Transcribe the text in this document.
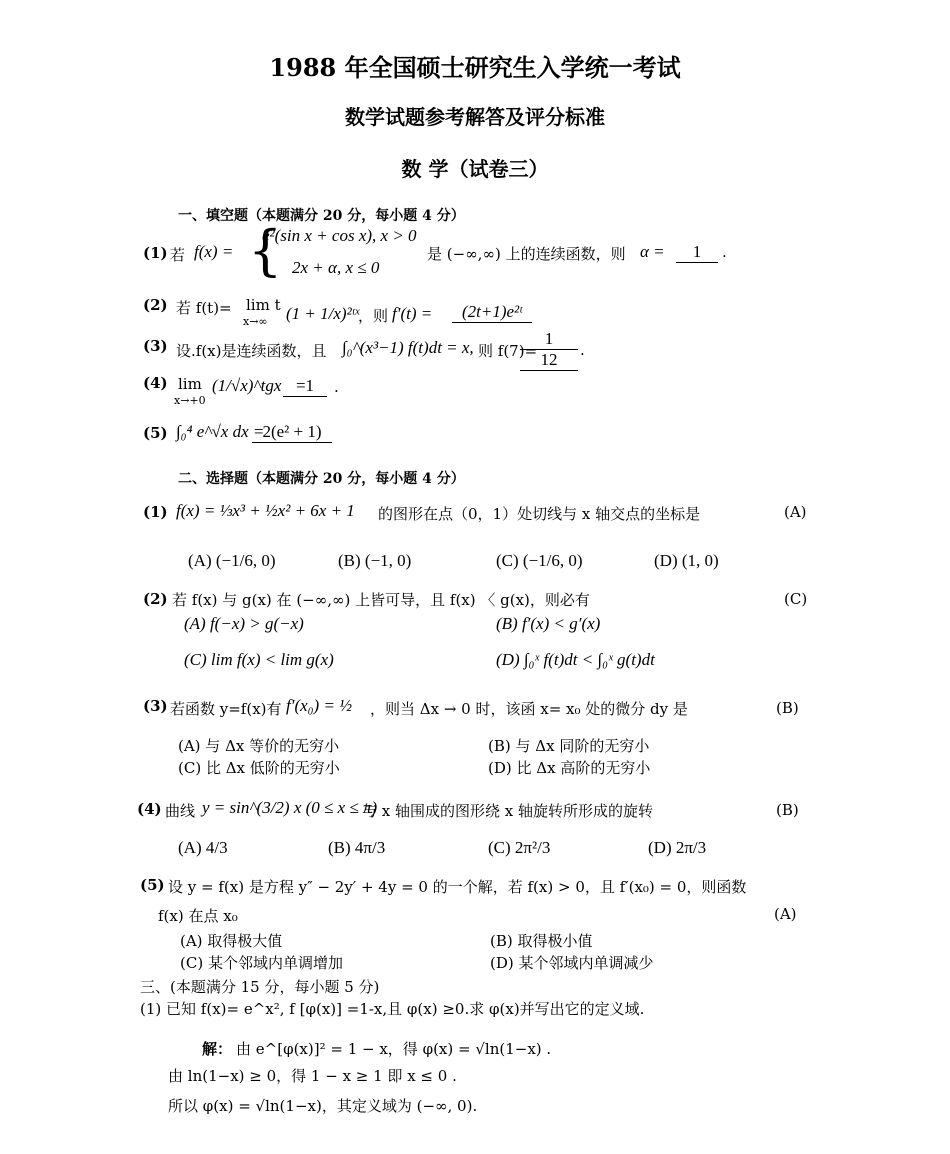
1988 年全国硕士研究生入学统一考试
数学试题参考解答及评分标准
数 学（试卷三）
一、填空题（本题满分 20 分，每小题 4 分）
(1) 若 f(x) = {
e²(sin x + cos x), x > 0
2x + α, x ≤ 0
是 (−∞,∞) 上的连续函数，则 α =	1	.
(2) 若 f(t)= lim t
x→∞ (1 + 1/x)²ᵗˣ
，则 f′(t) =	(2t+1)e²ᵗ
(3) 设.f(x)是连续函数，且 ∫₀^(x³−1) f(t)dt = x, 则 f(7)=
$\frac{1}{12}$ .
(4) lim
x→+0
(1/√x)^tgx =1	.
(5) ∫₀⁴ e^√x dx =
2(e² + 1)
二、选择题（本题满分 20 分，每小题 4 分）
(1) f(x) = ⅓x³ + ½x² + 6x + 1 的图形在点（0，1）处切线与 x 轴交点的坐标是	(A)
(A) (−1/6, 0)	(B) (−1, 0)	(C) (−1/6, 0)	(D) (1, 0)
(2) 若 f(x) 与 g(x) 在 (−∞,∞) 上皆可导，且 f(x) 〈 g(x)，则必有	(C)
(A) f(−x) > g(−x)	(B) f′(x) < g′(x)
(C) lim f(x) < lim g(x)	(D) ∫₀ˣ f(t)dt < ∫₀ˣ g(t)dt
(3) 若函数 y=f(x)有 f′(x₀) = ½ ，则当 Δx → 0 时，该函 x= x₀ 处的微分 dy 是	(B)
(A) 与 Δx 等价的无穷小	(B) 与 Δx 同阶的无穷小
(C) 比 Δx 低阶的无穷小	(D) 比 Δx 高阶的无穷小
(4) 曲线 y = sin^(3/2) x (0 ≤ x ≤ π)
与 x 轴围成的图形绕 x 轴旋转所形成的旋转	(B)
(A) 4/3	(B) 4π/3	(C) 2π²/3	(D) 2π/3
(5) 设 y = f(x) 是方程 y″ − 2y′ + 4y = 0 的一个解，若 f(x) > 0，且 f′(x₀) = 0，则函数
f(x) 在点 x₀	(A)
(A) 取得极大值	(B) 取得极小值
(C) 某个邻域内单调增加	(D) 某个邻域内单调减少
三、(本题满分 15 分，每小题 5 分)
(1) 已知 f(x)= e^x², f [φ(x)] =1-x,且 φ(x) ≥0.求 φ(x)并写出它的定义域.
解： 由 e^[φ(x)]² = 1 − x，得 φ(x) = √ln(1−x) .
由 ln(1−x) ≥ 0，得 1 − x ≥ 1 即 x ≤ 0 .
所以 φ(x) = √ln(1−x)，其定义域为 (−∞, 0).
